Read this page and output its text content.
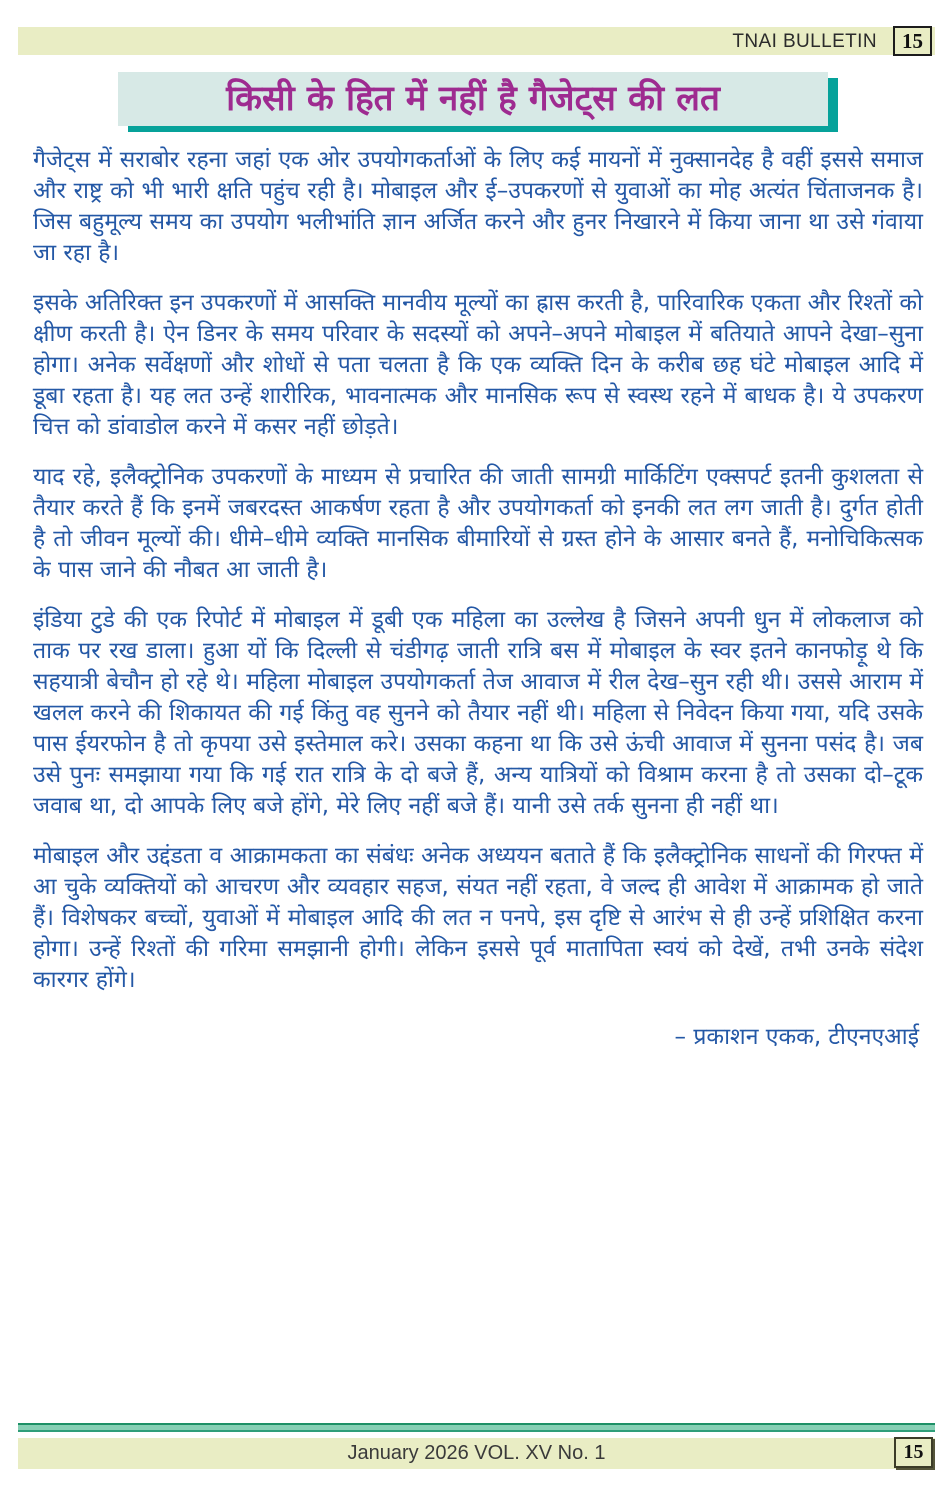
TNAI BULLETIN 15
किसी के हित में नहीं है गैजेट्स की लत

गैजेट्स में सराबोर रहना जहां एक ओर उपयोगकर्ताओं के लिए कई मायनों में नुक्सानदेह है वहीं इससे समाज और राष्ट्र को भी भारी क्षति पहुंच रही है। मोबाइल और ई–उपकरणों से युवाओं का मोह अत्यंत चिंताजनक है। जिस बहुमूल्य समय का उपयोग भलीभांति ज्ञान अर्जित करने और हुनर निखारने में किया जाना था उसे गंवाया जा रहा है।

इसके अतिरिक्त इन उपकरणों में आसक्ति मानवीय मूल्यों का ह्रास करती है, पारिवारिक एकता और रिश्तों को क्षीण करती है। ऐन डिनर के समय परिवार के सदस्यों को अपने–अपने मोबाइल में बतियाते आपने देखा–सुना होगा। अनेक सर्वेक्षणों और शोधों से पता चलता है कि एक व्यक्ति दिन के करीब छह घंटे मोबाइल आदि में डूबा रहता है। यह लत उन्हें शारीरिक, भावनात्मक और मानसिक रूप से स्वस्थ रहने में बाधक है। ये उपकरण चित्त को डांवाडोल करने में कसर नहीं छोड़ते।

याद रहे, इलैक्ट्रोनिक उपकरणों के माध्यम से प्रचारित की जाती सामग्री मार्किटिंग एक्सपर्ट इतनी कुशलता से तैयार करते हैं कि इनमें जबरदस्त आकर्षण रहता है और उपयोगकर्ता को इनकी लत लग जाती है। दुर्गत होती है तो जीवन मूल्यों की। धीमे–धीमे व्यक्ति मानसिक बीमारियों से ग्रस्त होने के आसार बनते हैं, मनोचिकित्सक के पास जाने की नौबत आ जाती है।

इंडिया टुडे की एक रिपोर्ट में मोबाइल में डूबी एक महिला का उल्लेख है जिसने अपनी धुन में लोकलाज को ताक पर रख डाला। हुआ यों कि दिल्ली से चंडीगढ़ जाती रात्रि बस में मोबाइल के स्वर इतने कानफोड़ू थे कि सहयात्री बेचौन हो रहे थे। महिला मोबाइल उपयोगकर्ता तेज आवाज में रील देख–सुन रही थी। उससे आराम में खलल करने की शिकायत की गई किंतु वह सुनने को तैयार नहीं थी। महिला से निवेदन किया गया, यदि उसके पास ईयरफोन है तो कृपया उसे इस्तेमाल करे। उसका कहना था कि उसे ऊंची आवाज में सुनना पसंद है। जब उसे पुनः समझाया गया कि गई रात रात्रि के दो बजे हैं, अन्य यात्रियों को विश्राम करना है तो उसका दो–टूक जवाब था, दो आपके लिए बजे होंगे, मेरे लिए नहीं बजे हैं। यानी उसे तर्क सुनना ही नहीं था।

मोबाइल और उद्दंडता व आक्रामकता का संबंधः अनेक अध्ययन बताते हैं कि इलैक्ट्रोनिक साधनों की गिरफ्त में आ चुके व्यक्तियों को आचरण और व्यवहार सहज, संयत नहीं रहता, वे जल्द ही आवेश में आक्रामक हो जाते हैं। विशेषकर बच्चों, युवाओं में मोबाइल आदि की लत न पनपे, इस दृष्टि से आरंभ से ही उन्हें प्रशिक्षित करना होगा। उन्हें रिश्तों की गरिमा समझानी होगी। लेकिन इससे पूर्व मातापिता स्वयं को देखें, तभी उनके संदेश कारगर होंगे।

– प्रकाशन एकक, टीएनएआई
January 2026 VOL. XV No. 1	15
